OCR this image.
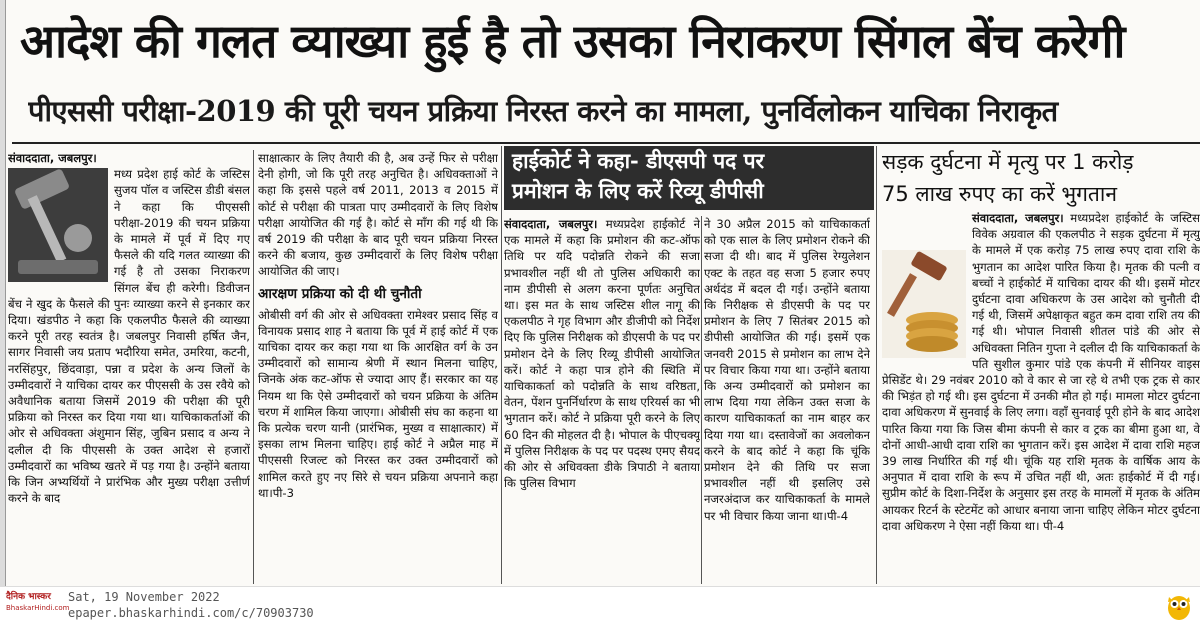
आदेश की गलत व्याख्या हुई है तो उसका निराकरण सिंगल बेंच करेगी
पीएससी परीक्षा-2019 की पूरी चयन प्रक्रिया निरस्त करने का मामला, पुनर्विलोकन याचिका निराकृत

संवाददाता, जबलपुर।

मध्य प्रदेश हाई कोर्ट के जस्टिस सुजय पॉल व जस्टिस डीडी बंसल ने कहा कि पीएससी परीक्षा-2019 की चयन प्रक्रिया के मामले में पूर्व में दिए गए फैसले की यदि गलत व्याख्या की गई है तो उसका निराकरण सिंगल बेंच ही करेगी। डिवीजन बेंच ने खुद के फैसले की पुनः व्याख्या करने से इनकार कर दिया। खंडपीठ ने कहा कि एकलपीठ फैसले की व्याख्या करने पूरी तरह स्वतंत्र है। जबलपुर निवासी हर्षित जैन, सागर निवासी जय प्रताप भदौरिया समेत, उमरिया, कटनी, नरसिंहपुर, छिंदवाड़ा, पन्ना व प्रदेश के अन्य जिलों के उम्मीदवारों ने याचिका दायर कर पीएससी के उस रवैये को अवैधानिक बताया जिसमें 2019 की परीक्षा की पूरी प्रक्रिया को निरस्त कर दिया गया था। याचिकाकर्ताओं की ओर से अधिवक्ता अंशुमान सिंह, जुबिन प्रसाद व अन्य ने दलील दी कि पीएससी के उक्त आदेश से हजारों उम्मीदवारों का भविष्य खतरे में पड़ गया है। उन्होंने बताया कि जिन अभ्यर्थियों ने प्रारंभिक और मुख्य परीक्षा उत्तीर्ण करने के बाद

साक्षात्कार के लिए तैयारी की है, अब उन्हें फिर से परीक्षा देनी होगी, जो कि पूरी तरह अनुचित है। अधिवक्ताओं ने कहा कि इससे पहले वर्ष 2011, 2013 व 2015 में कोर्ट से परीक्षा की पात्रता पाए उम्मीदवारों के लिए विशेष परीक्षा आयोजित की गई है। कोर्ट से माँग की गई थी कि वर्ष 2019 की परीक्षा के बाद पूरी चयन प्रक्रिया निरस्त करने की बजाय, कुछ उम्मीदवारों के लिए विशेष परीक्षा आयोजित की जाए।

आरक्षण प्रक्रिया को दी थी चुनौती

ओबीसी वर्ग की ओर से अधिवक्ता रामेश्वर प्रसाद सिंह व विनायक प्रसाद शाह ने बताया कि पूर्व में हाई कोर्ट में एक याचिका दायर कर कहा गया था कि आरक्षित वर्ग के उन उम्मीदवारों को सामान्य श्रेणी में स्थान मिलना चाहिए, जिनके अंक कट-ऑफ से ज्यादा आए हैं। सरकार का यह नियम था कि ऐसे उम्मीदवारों को चयन प्रक्रिया के अंतिम चरण में शामिल किया जाएगा। ओबीसी संघ का कहना था कि प्रत्येक चरण यानी (प्रारंभिक, मुख्य व साक्षात्कार) में इसका लाभ मिलना चाहिए। हाई कोर्ट ने अप्रैल माह में पीएससी रिजल्ट को निरस्त कर उक्त उम्मीदवारों को शामिल करते हुए नए सिरे से चयन प्रक्रिया अपनाने कहा था।पी-3

हाईकोर्ट ने कहा- डीएसपी पद पर
प्रमोशन के लिए करें रिव्यू डीपीसी
संवाददाता, जबलपुर। मध्यप्रदेश हाईकोर्ट ने एक मामले में कहा कि प्रमोशन की कट-ऑफ तिथि पर यदि पदोन्नति रोकने की सजा प्रभावशील नहीं थी तो पुलिस अधिकारी का नाम डीपीसी से अलग करना पूर्णतः अनुचित था। इस मत के साथ जस्टिस शील नागू की एकलपीठ ने गृह विभाग और डीजीपी को निर्देश दिए कि पुलिस निरीक्षक को डीएसपी के पद पर प्रमोशन देने के लिए रिव्यू डीपीसी आयोजित करें। कोर्ट ने कहा पात्र होने की स्थिति में याचिकाकर्ता को पदोन्नति के साथ वरिष्ठता, वेतन, पेंशन पुनर्निर्धारण के साथ एरियर्स का भी भुगतान करें। कोर्ट ने प्रक्रिया पूरी करने के लिए 60 दिन की मोहलत दी है। भोपाल के पीएचक्यू में पुलिस निरीक्षक के पद पर पदस्थ एमए सैयद की ओर से अधिवक्ता डीके त्रिपाठी ने बताया कि पुलिस विभाग

ने 30 अप्रैल 2015 को याचिकाकर्ता को एक साल के लिए प्रमोशन रोकने की सजा दी थी। बाद में पुलिस रेग्युलेशन एक्ट के तहत वह सजा 5 हजार रुपए अर्थदंड में बदल दी गई। उन्होंने बताया कि निरीक्षक से डीएसपी के पद पर प्रमोशन के लिए 7 सितंबर 2015 को डीपीसी आयोजित की गई। इसमें एक जनवरी 2015 से प्रमोशन का लाभ देने पर विचार किया गया था। उन्होंने बताया कि अन्य उम्मीदवारों को प्रमोशन का लाभ दिया गया लेकिन उक्त सजा के कारण याचिकाकर्ता का नाम बाहर कर दिया गया था। दस्तावेजों का अवलोकन करने के बाद कोर्ट ने कहा कि चूंकि प्रमोशन देने की तिथि पर सजा प्रभावशील नहीं थी इसलिए उसे नजरअंदाज कर याचिकाकर्ता के मामले पर भी विचार किया जाना था।पी-4

सड़क दुर्घटना में मृत्यु पर 1 करोड़
75 लाख रुपए का करें भुगतान
संवाददाता, जबलपुर। मध्यप्रदेश हाईकोर्ट के जस्टिस विवेक अग्रवाल की एकलपीठ ने सड़क दुर्घटना में मृत्यु के मामले में एक करोड़ 75 लाख रुपए दावा राशि के भुगतान का आदेश पारित किया है। मृतक की पत्नी व बच्चों ने हाईकोर्ट में याचिका दायर की थी। इसमें मोटर दुर्घटना दावा अधिकरण के उस आदेश को चुनौती दी गई थी, जिसमें अपेक्षाकृत बहुत कम दावा राशि तय की गई थी। भोपाल निवासी शीतल पांडे की ओर से अधिवक्ता नितिन गुप्ता ने दलील दी कि याचिकाकर्ता के पति सुशील कुमार पांडे एक कंपनी में सीनियर वाइस प्रेसिडेंट थे। 29 नवंबर 2010 को वे कार से जा रहे थे तभी एक ट्रक से कार की भिड़ंत हो गई थी। इस दुर्घटना में उनकी मौत हो गई। मामला मोटर दुर्घटना दावा अधिकरण में सुनवाई के लिए लगा। वहाँ सुनवाई पूरी होने के बाद आदेश पारित किया गया कि जिस बीमा कंपनी से कार व ट्रक का बीमा हुआ था, वे दोनों आधी-आधी दावा राशि का भुगतान करें। इस आदेश में दावा राशि महज 39 लाख निर्धारित की गई थी। चूंकि यह राशि मृतक के वार्षिक आय के अनुपात में दावा राशि के रूप में उचित नहीं थी, अतः हाईकोर्ट में दी गई। सुप्रीम कोर्ट के दिशा-निर्देश के अनुसार इस तरह के मामलों में मृतक के अंतिम आयकर रिटर्न के स्टेटमेंट को आधार बनाया जाना चाहिए लेकिन मोटर दुर्घटना दावा अधिकरण ने ऐसा नहीं किया था। पी-4
दैनिक भास्कर
BhaskarHindi.com
Sat, 19 November 2022
epaper.bhaskarhindi.com/c/70903730
